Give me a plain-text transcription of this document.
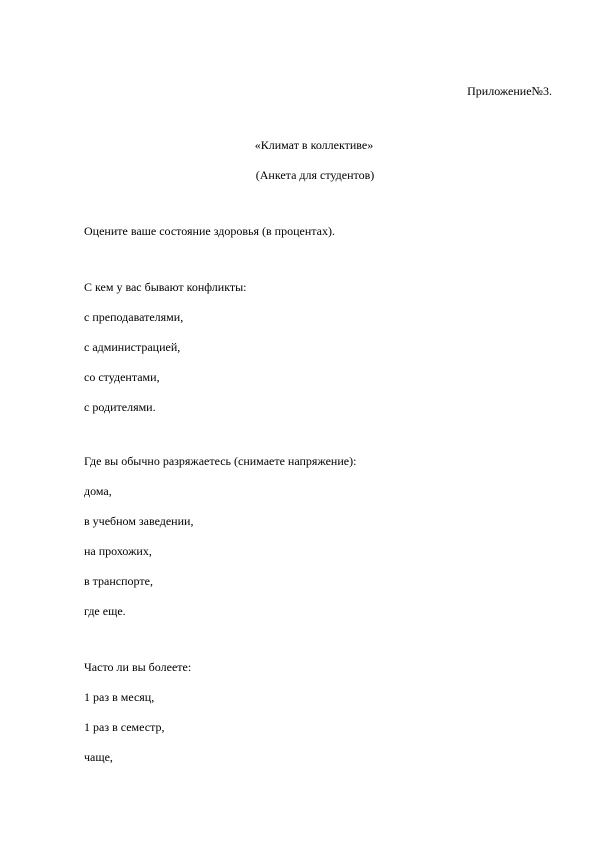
Приложение№3.
«Климат в коллективе»
(Анкета для студентов)
Оцените ваше состояние здоровья (в процентах).
С кем у вас бывают конфликты:
с преподавателями,
с администрацией,
со студентами,
с родителями.
Где вы обычно разряжаетесь (снимаете напряжение):
дома,
в учебном заведении,
на прохожих,
в транспорте,
где еще.
Часто ли вы болеете:
1 раз в месяц,
1 раз в семестр,
чаще,
